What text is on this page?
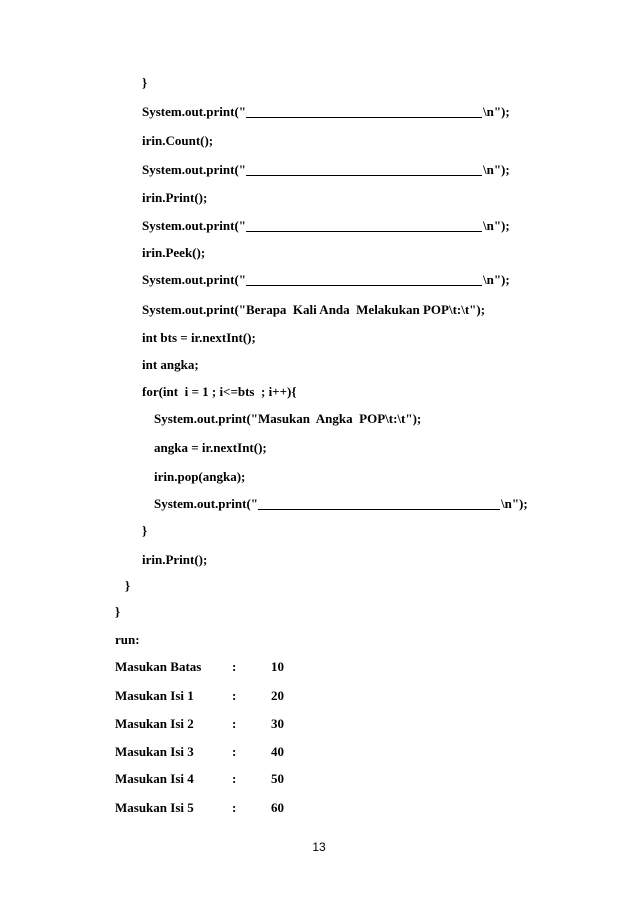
}
System.out.print("	\n");
irin.Count();
System.out.print("	\n");
irin.Print();
System.out.print("	\n");
irin.Peek();
System.out.print("	\n");
System.out.print("Berapa  Kali Anda  Melakukan POP\t:\t");
int bts = ir.nextInt();
int angka;
for(int  i = 1 ; i<=bts  ; i++){
System.out.print("Masukan  Angka  POP\t:\t");
angka = ir.nextInt();
irin.pop(angka);
System.out.print("	\n");
}
irin.Print();
}
}
run:
Masukan Batas :	10
Masukan Isi 1	:	20
Masukan Isi 2	:	30
Masukan Isi 3	:	40
Masukan Isi 4	:	50
Masukan Isi 5	:	60
13
